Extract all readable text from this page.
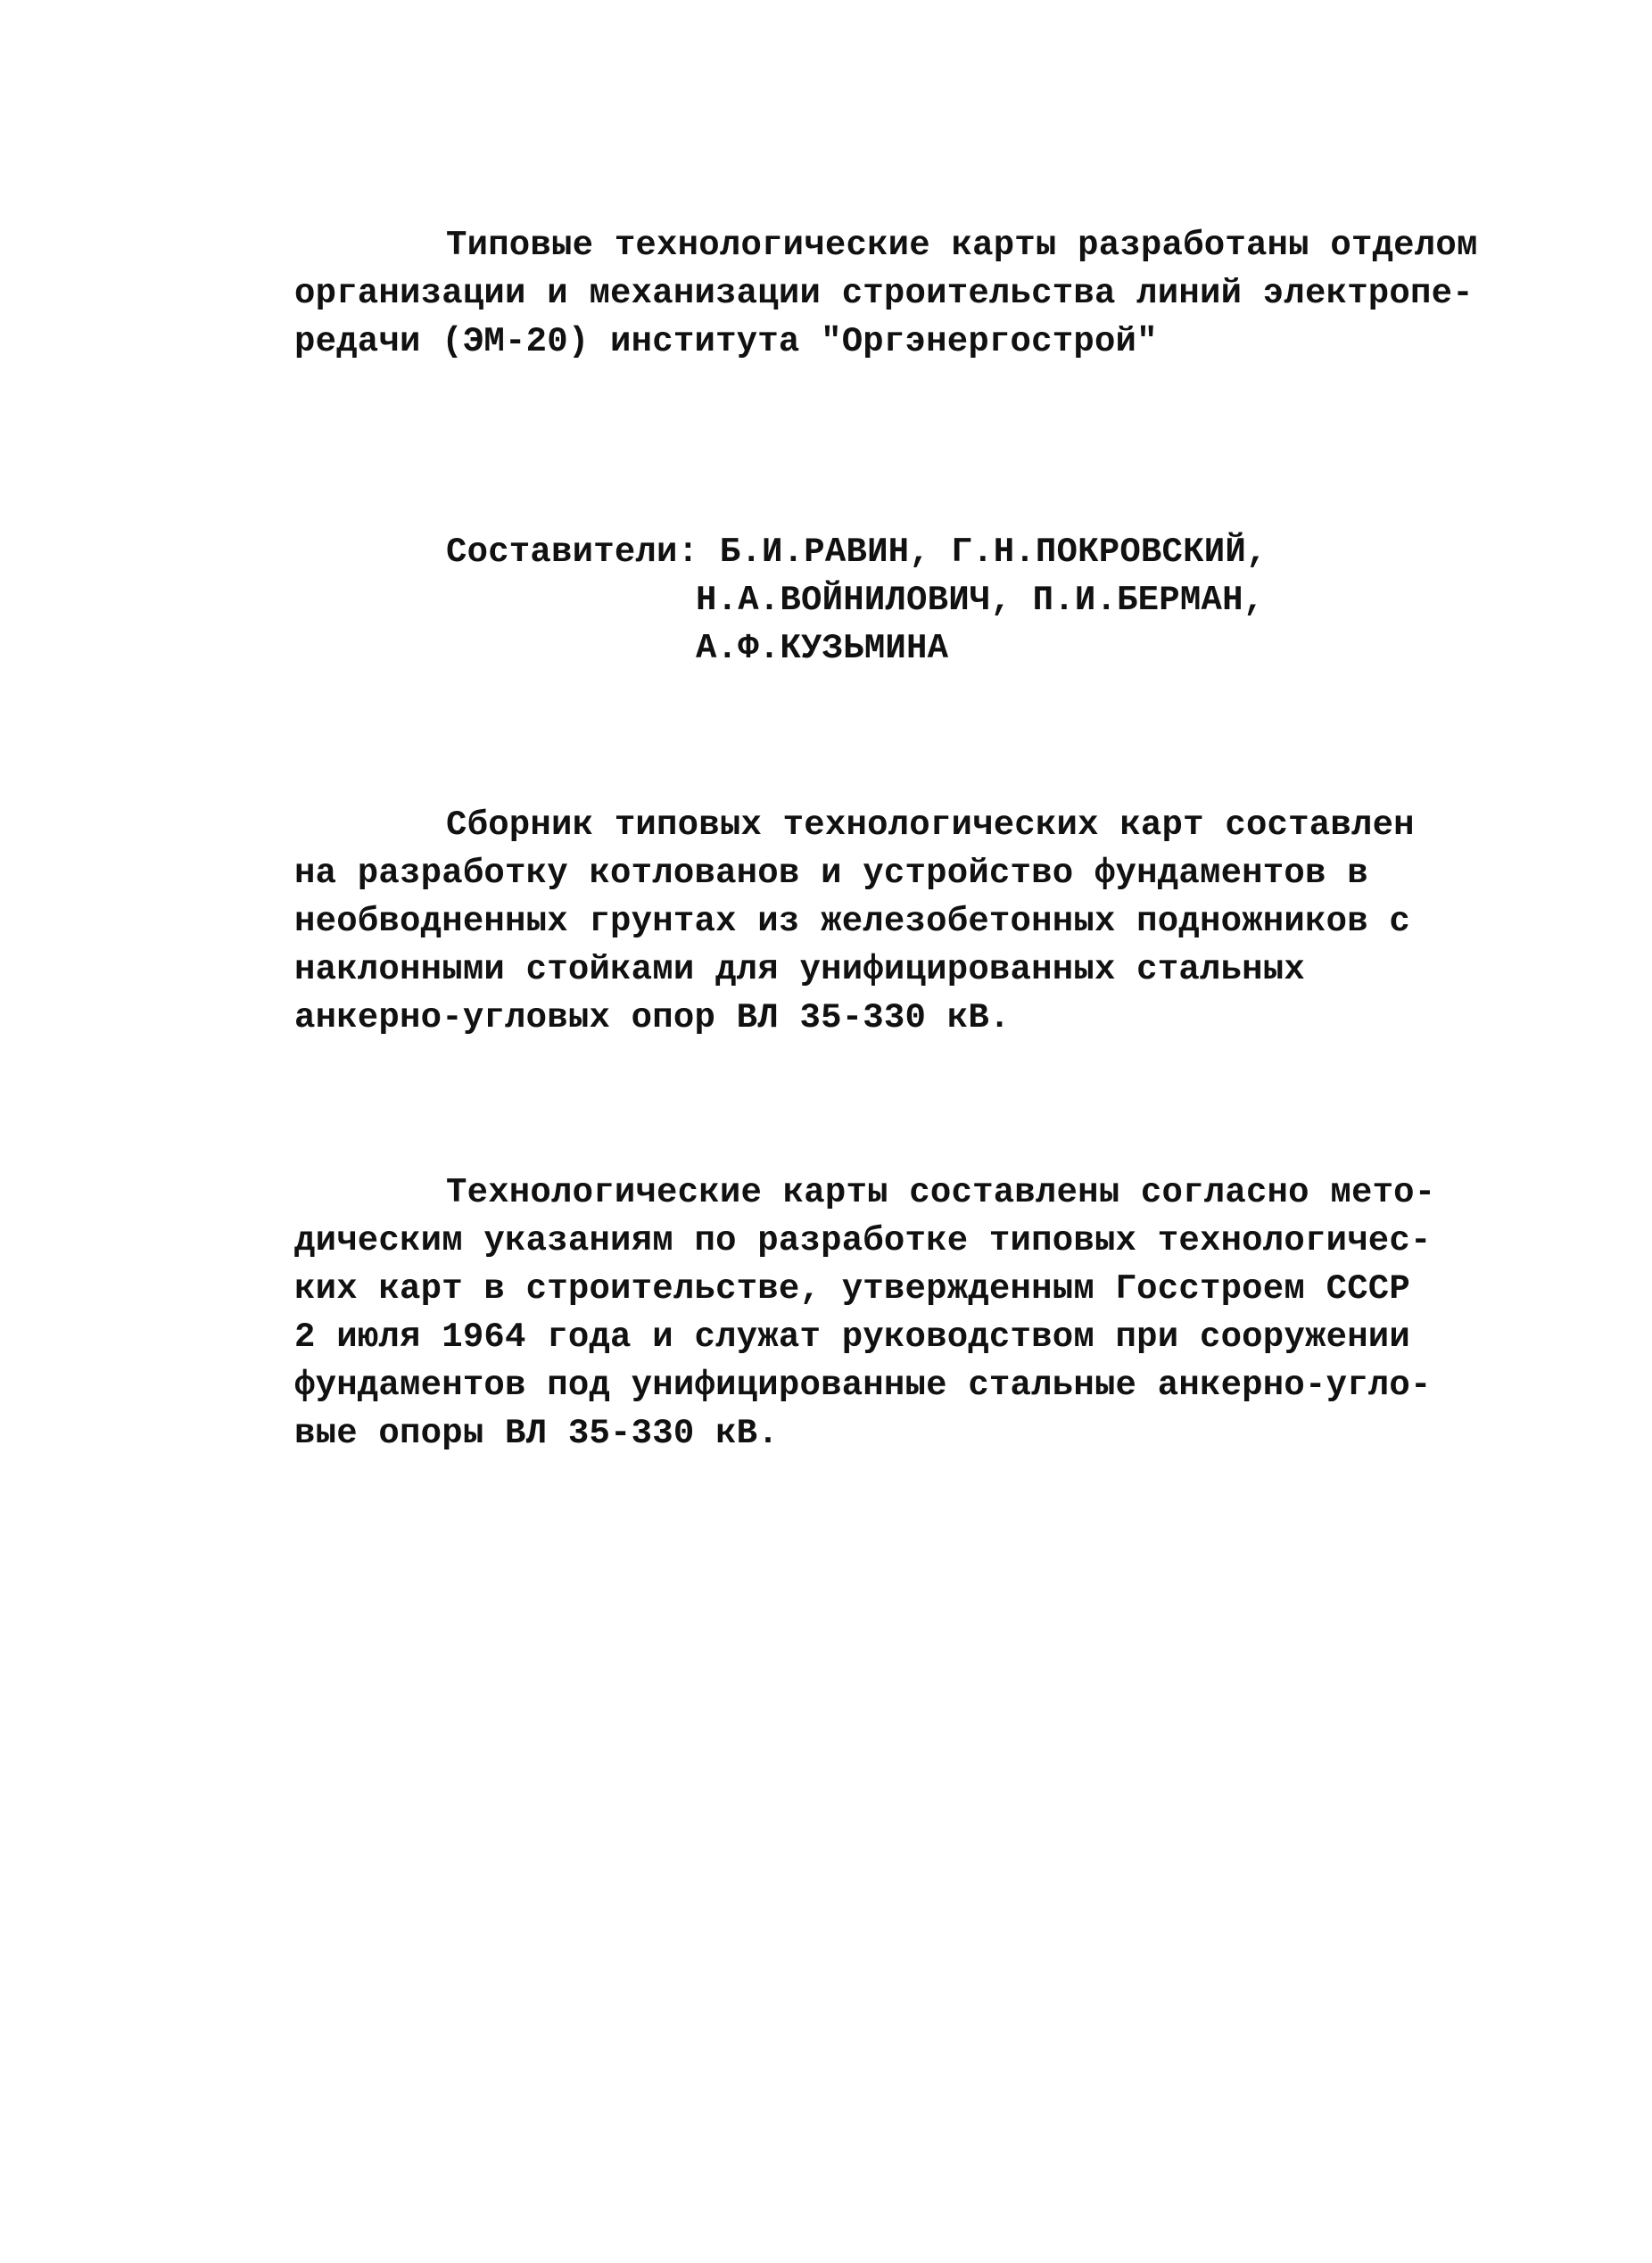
Типовые технологические карты разработаны отделом
организации и механизации строительства линий электропе-
редачи (ЭМ-20) института "Оргэнергострой"
Составители: Б.И.РАВИН, Г.Н.ПОКРОВСКИЙ,
Н.А.ВОЙНИЛОВИЧ, П.И.БЕРМАН,
А.Ф.КУЗЬМИНА
Сборник типовых технологических карт составлен
на разработку котлованов и устройство фундаментов в
необводненных грунтах из железобетонных подножников с
наклонными стойками для унифицированных стальных
анкерно-угловых опор ВЛ 35-330 кВ.
Технологические карты составлены согласно мето-
дическим указаниям по разработке типовых технологичес-
ких карт в строительстве, утвержденным Госстроем СССР
2 июля 1964 года и служат руководством при сооружении
фундаментов под унифицированные стальные анкерно-угло-
вые опоры ВЛ 35-330 кВ.
